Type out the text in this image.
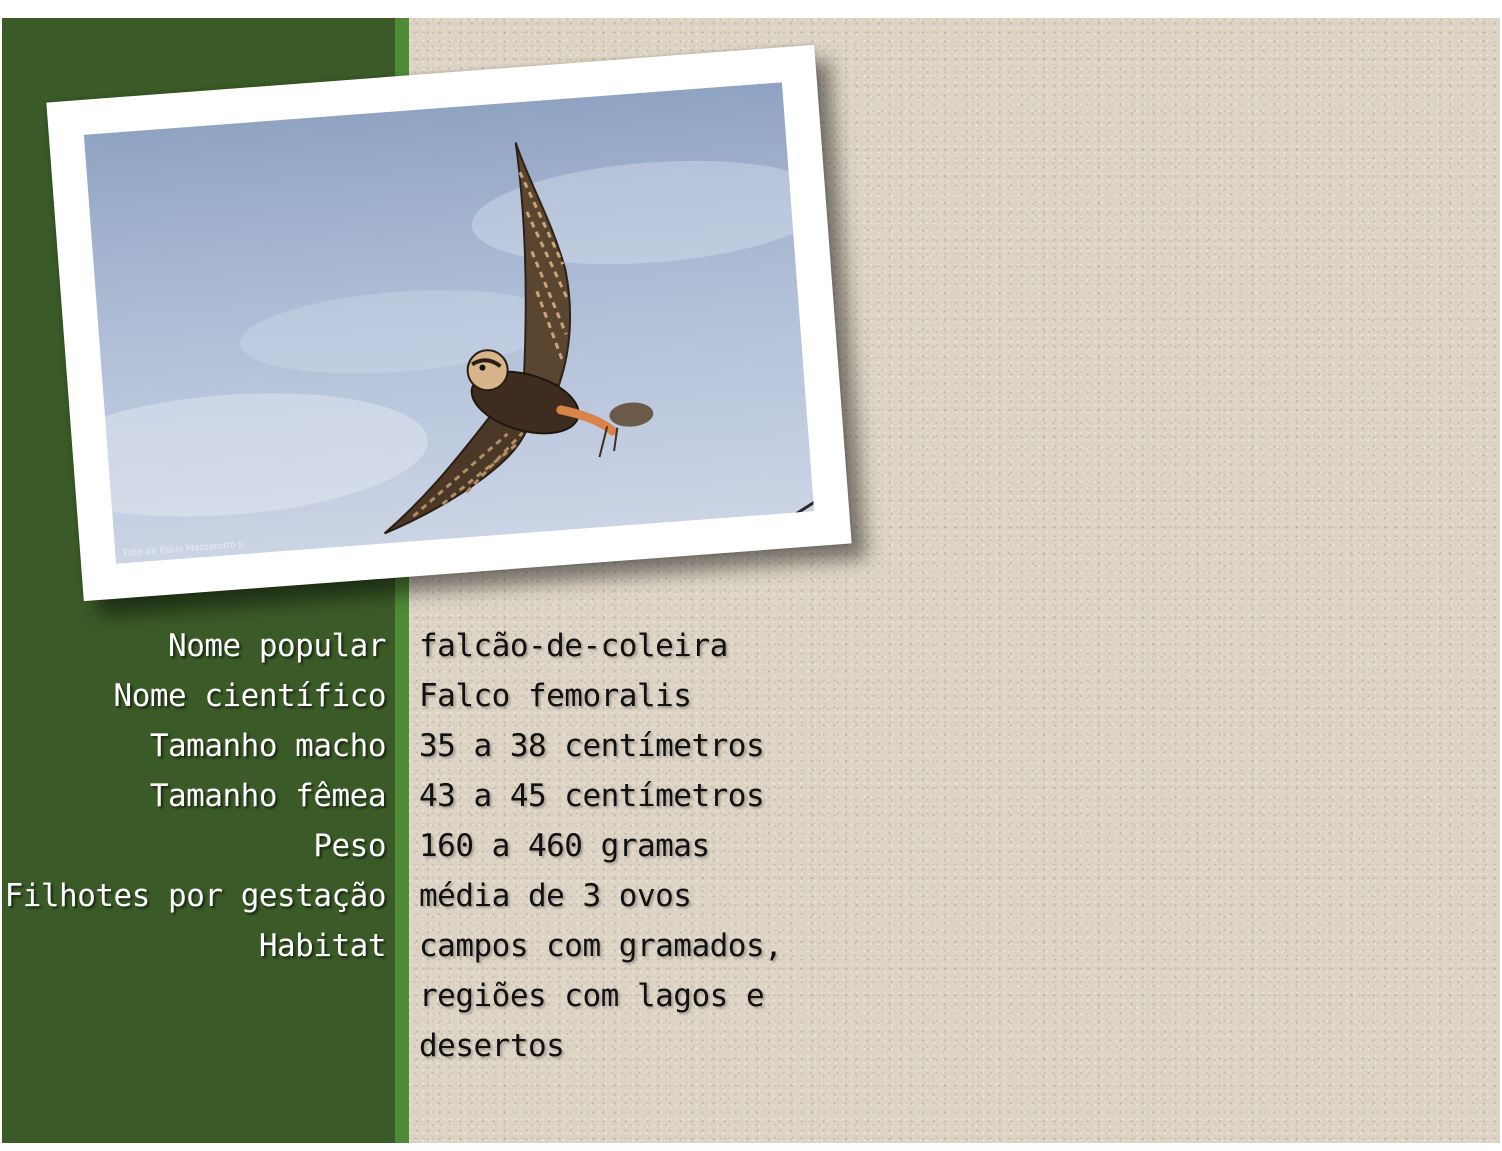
Foto de Fabio Mazzarotto Jr.
Nome popular
Nome científico
Tamanho macho
Tamanho fêmea
Peso
Filhotes por gestação
Habitat
falcão-de-coleira
Falco femoralis
35 a 38 centímetros
43 a 45 centímetros
160 a 460 gramas
média de 3 ovos
campos com gramados,
regiões com lagos e
desertos
